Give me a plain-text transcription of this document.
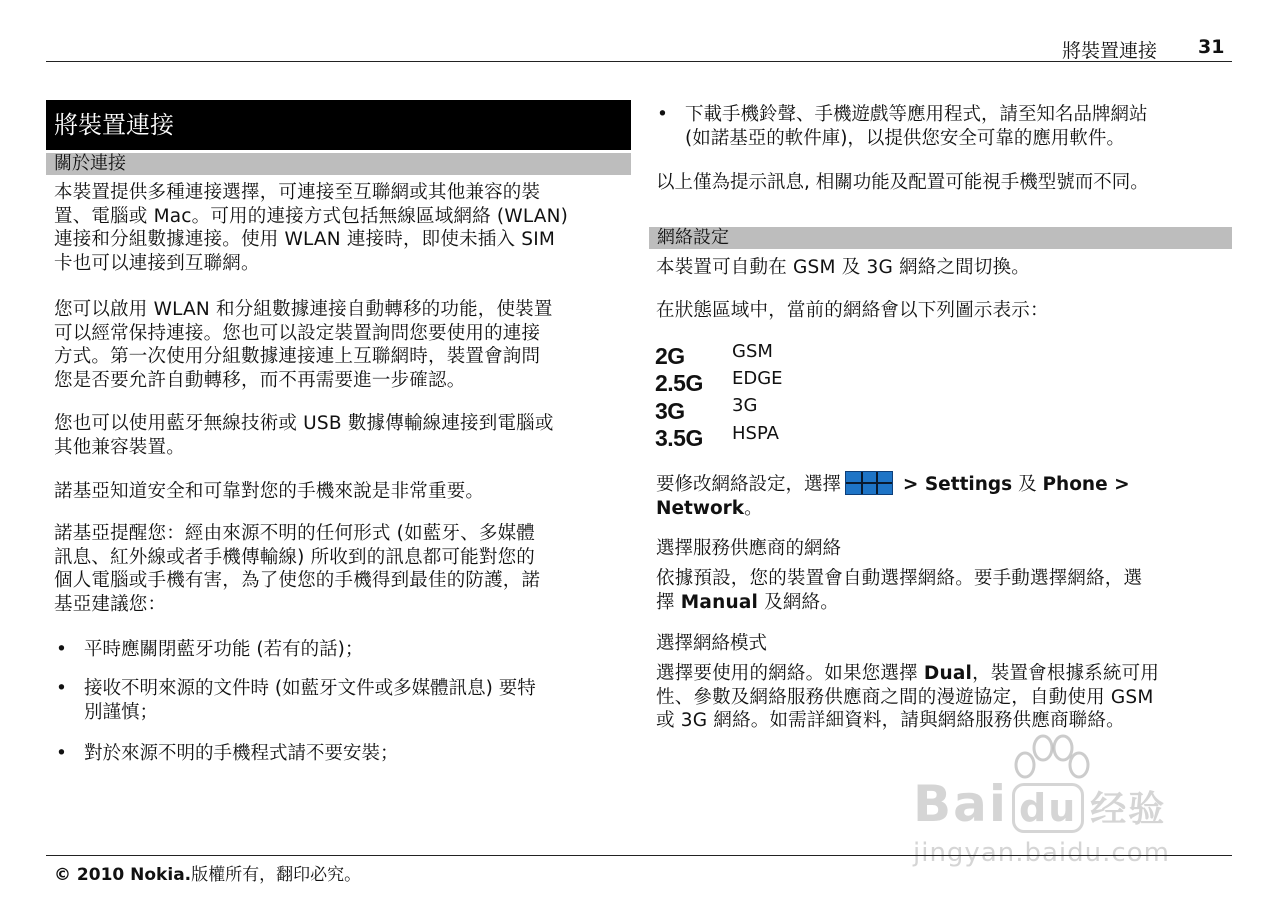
將裝置連接 31
將裝置連接
關於連接
本裝置提供多種連接選擇，可連接至互聯網或其他兼容的裝
置、電腦或 Mac。可用的連接方式包括無線區域網絡 (WLAN)
連接和分組數據連接。使用 WLAN 連接時，即使未插入 SIM
卡也可以連接到互聯網。
您可以啟用 WLAN 和分組數據連接自動轉移的功能，使裝置
可以經常保持連接。您也可以設定裝置詢問您要使用的連接
方式。第一次使用分組數據連接連上互聯網時，裝置會詢問
您是否要允許自動轉移，而不再需要進一步確認。
您也可以使用藍牙無線技術或 USB 數據傳輸線連接到電腦或
其他兼容裝置。
諾基亞知道安全和可靠對您的手機來說是非常重要。
諾基亞提醒您：經由來源不明的任何形式 (如藍牙、多媒體
訊息、紅外線或者手機傳輸線) 所收到的訊息都可能對您的
個人電腦或手機有害，為了使您的手機得到最佳的防護，諾
基亞建議您：
• 平時應關閉藍牙功能 (若有的話)；
• 接收不明來源的文件時 (如藍牙文件或多媒體訊息) 要特
別謹慎；
• 對於來源不明的手機程式請不要安裝；
• 下載手機鈴聲、手機遊戲等應用程式，請至知名品牌網站
(如諾基亞的軟件庫)，以提供您安全可靠的應用軟件。
以上僅為提示訊息, 相關功能及配置可能視手機型號而不同。
網絡設定
本裝置可自動在 GSM 及 3G 網絡之間切換。
在狀態區域中，當前的網絡會以下列圖示表示：
2G	GSM
2.5G EDGE
3G	3G
3.5G HSPA
要修改網絡設定，選擇	> Settings 及 Phone >
Network。
選擇服務供應商的網絡
依據預設，您的裝置會自動選擇網絡。要手動選擇網絡，選
擇 Manual 及網絡。
選擇網絡模式
選擇要使用的網絡。如果您選擇 Dual，裝置會根據系統可用
性、參數及網絡服務供應商之間的漫遊協定，自動使用 GSM
或 3G 網絡。如需詳細資料，請與網絡服務供應商聯絡。
Bai du 经验
jingyan.baidu.com
© 2010 Nokia.版權所有，翻印必究。
